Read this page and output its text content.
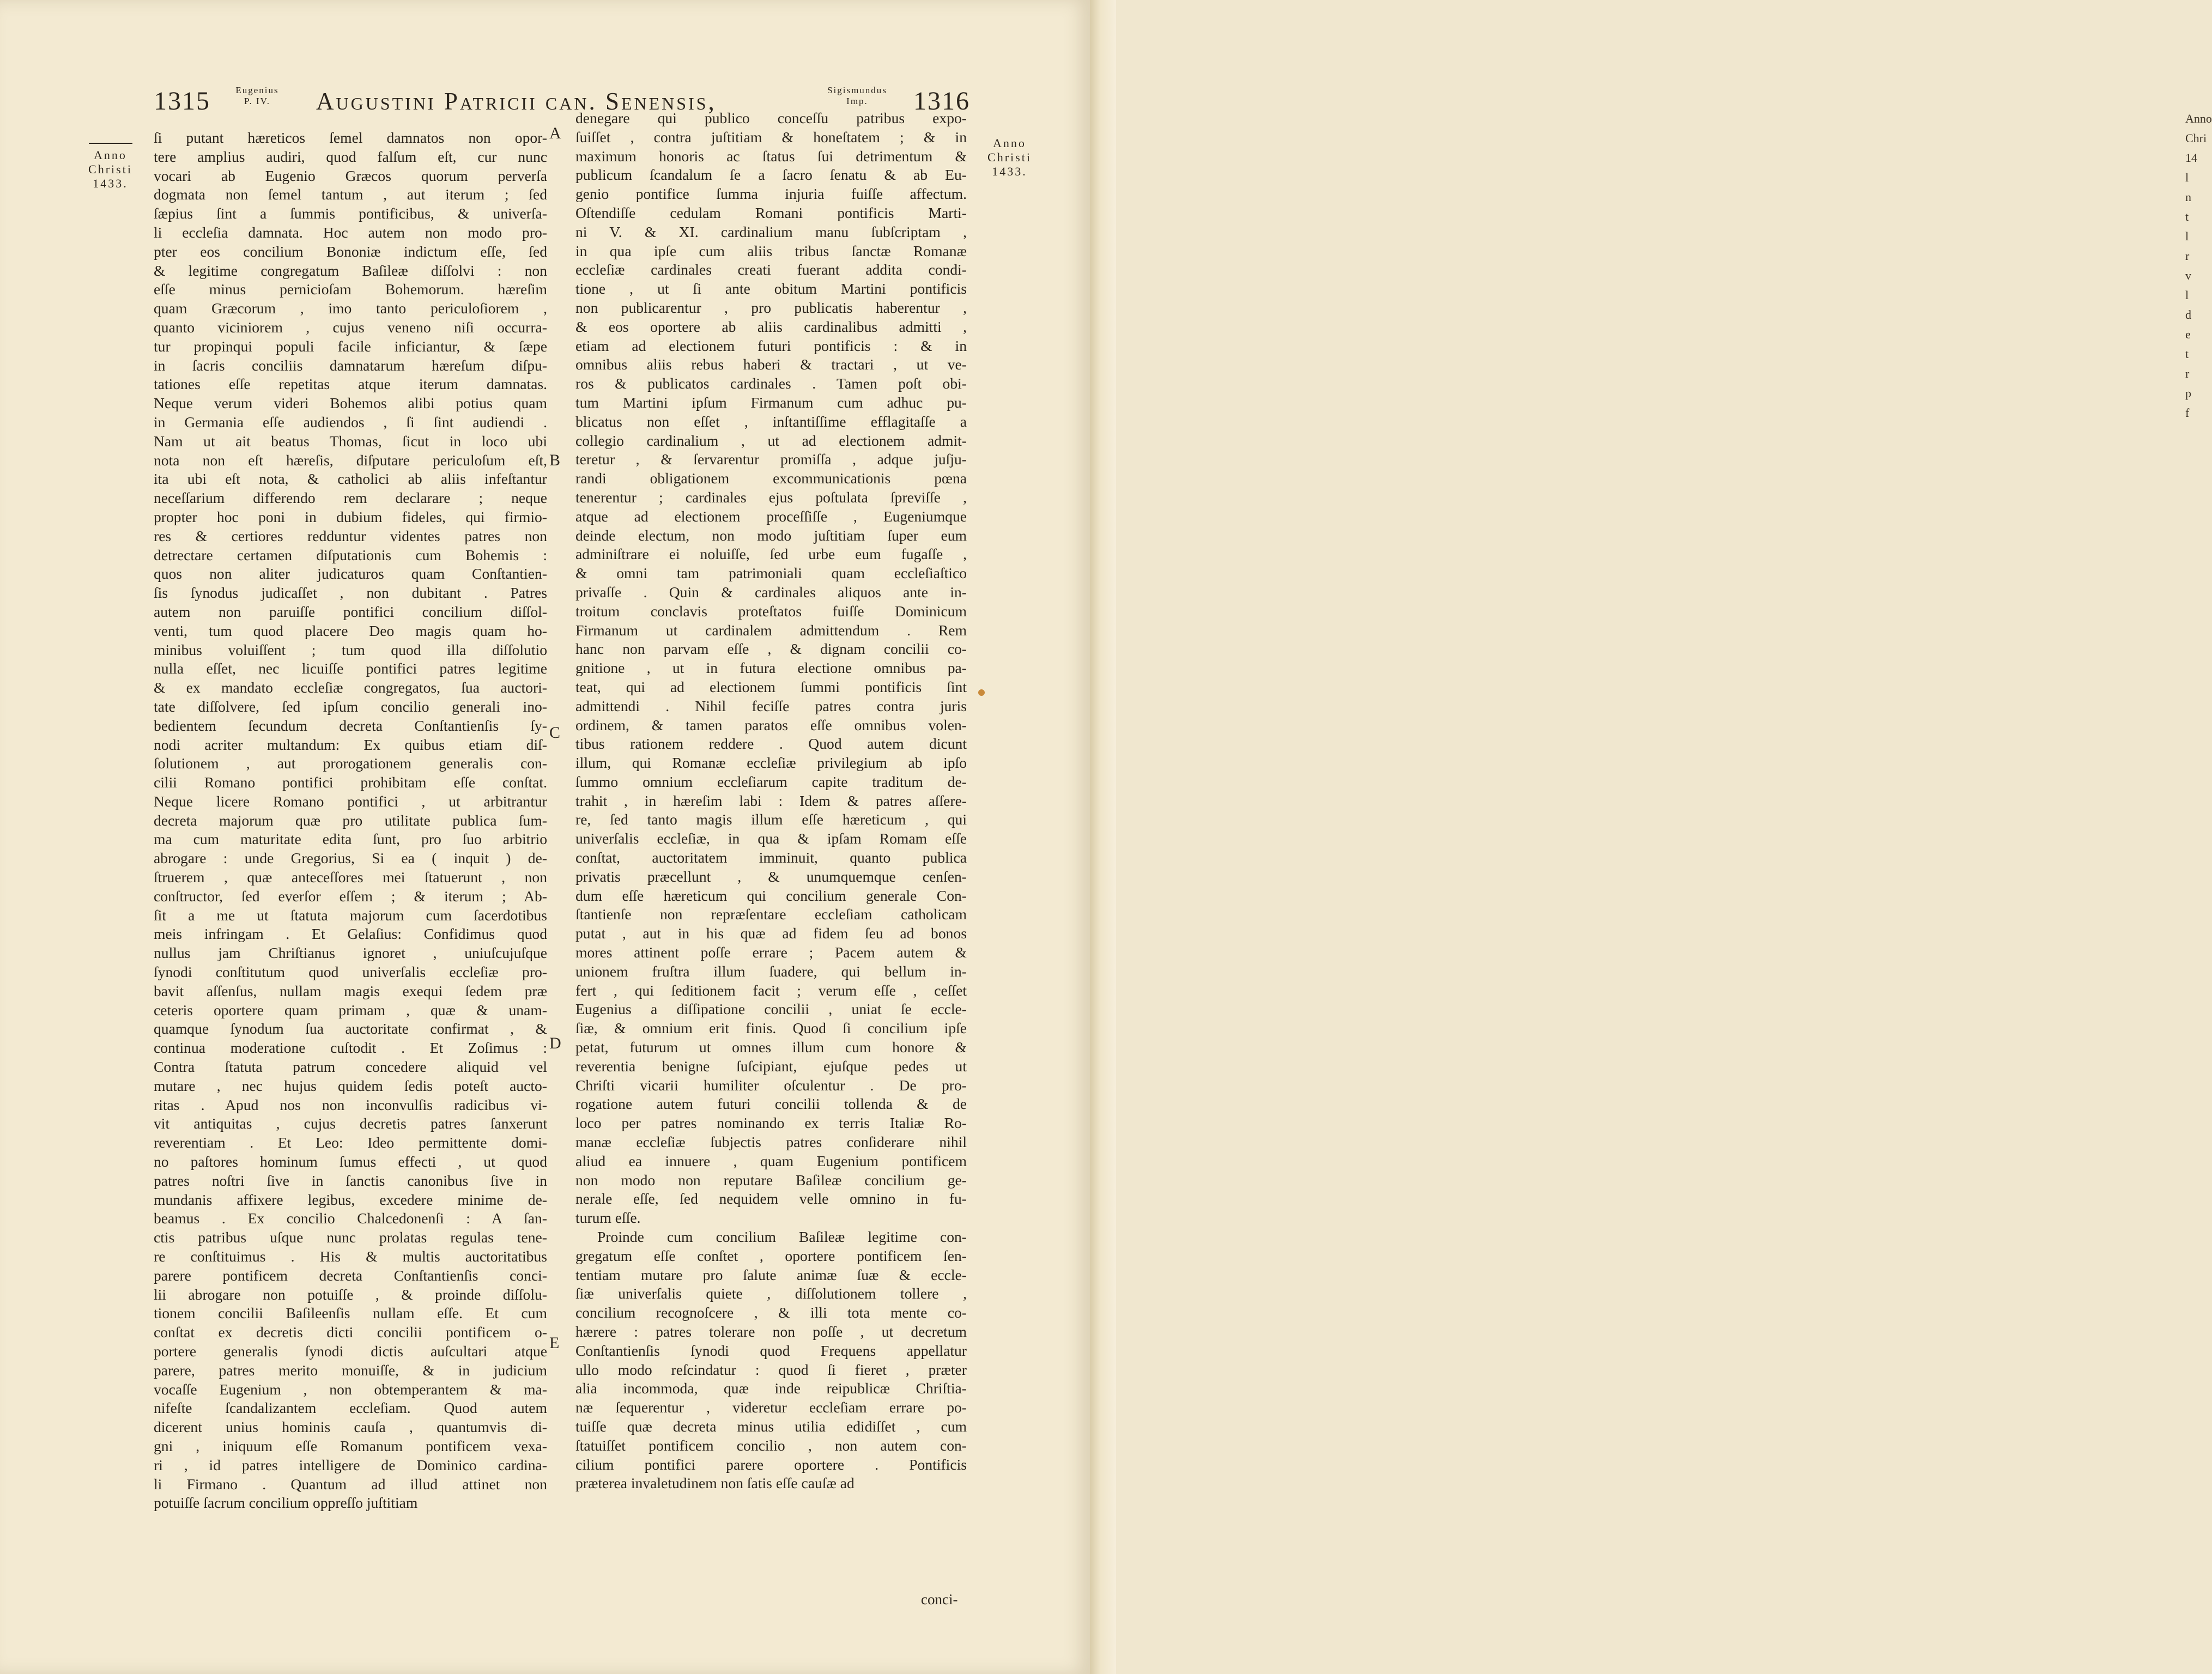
1315	Eugenius
P. IV.	Augustini Patricii can. Senensis,	Sigismundus
Imp.	1316
Anno
Christi
1433.
Anno
Christi
1433.
ſi putant hæreticos ſemel damnatos non opor-
tere amplius audiri, quod falſum eſt, cur nunc
vocari ab Eugenio Græcos quorum perverſa
dogmata non ſemel tantum , aut iterum ; ſed
ſæpius ſint a ſummis pontificibus, & univerſa-
li eccleſia damnata. Hoc autem non modo pro-
pter eos concilium Bononiæ indictum eſſe, ſed
& legitime congregatum Baſileæ diſſolvi : non
eſſe minus pernicioſam Bohemorum. hæreſim
quam Græcorum , imo tanto periculoſiorem ,
quanto viciniorem , cujus veneno niſi occurra-
tur propinqui populi facile inficiantur, & ſæpe
in ſacris conciliis damnatarum hæreſum diſpu-
tationes eſſe repetitas atque iterum damnatas.
Neque verum videri Bohemos alibi potius quam
in Germania eſſe audiendos , ſi ſint audiendi .
Nam ut ait beatus Thomas, ſicut in loco ubi
nota non eſt hæreſis, diſputare periculoſum eſt,
ita ubi eſt nota, & catholici ab aliis infeſtantur
neceſſarium differendo rem declarare ; neque
propter hoc poni in dubium fideles, qui firmio-
res & certiores redduntur videntes patres non
detrectare certamen diſputationis cum Bohemis :
quos non aliter judicaturos quam Conſtantien-
ſis ſynodus judicaſſet , non dubitant . Patres
autem non paruiſſe pontifici concilium diſſol-
venti, tum quod placere Deo magis quam ho-
minibus voluiſſent ; tum quod illa diſſolutio
nulla eſſet, nec licuiſſe pontifici patres legitime
& ex mandato eccleſiæ congregatos, ſua auctori-
tate diſſolvere, ſed ipſum concilio generali ino-
bedientem ſecundum decreta Conſtantienſis ſy-
nodi acriter multandum: Ex quibus etiam diſ-
ſolutionem , aut prorogationem generalis con-
cilii Romano pontifici prohibitam eſſe conſtat.
Neque licere Romano pontifici , ut arbitrantur
decreta majorum quæ pro utilitate publica ſum-
ma cum maturitate edita ſunt, pro ſuo arbitrio
abrogare : unde Gregorius, Si ea ( inquit ) de-
ſtruerem , quæ anteceſſores mei ſtatuerunt , non
conſtructor, ſed everſor eſſem ; & iterum ; Ab-
ſit a me ut ſtatuta majorum cum ſacerdotibus
meis infringam . Et Gelaſius: Confidimus quod
nullus jam Chriſtianus ignoret , uniuſcujuſque
ſynodi conſtitutum quod univerſalis eccleſiæ pro-
bavit aſſenſus, nullam magis exequi ſedem præ
ceteris oportere quam primam , quæ & unam-
quamque ſynodum ſua auctoritate confirmat , &
continua moderatione cuſtodit . Et Zoſimus :
Contra ſtatuta patrum concedere aliquid vel
mutare , nec hujus quidem ſedis poteſt aucto-
ritas . Apud nos non inconvulſis radicibus vi-
vit antiquitas , cujus decretis patres ſanxerunt
reverentiam . Et Leo: Ideo permittente domi-
no paſtores hominum ſumus effecti , ut quod
patres noſtri ſive in ſanctis canonibus ſive in
mundanis affixere legibus, excedere minime de-
beamus . Ex concilio Chalcedonenſi : A ſan-
ctis patribus uſque nunc prolatas regulas tene-
re conſtituimus . His & multis auctoritatibus
parere pontificem decreta Conſtantienſis conci-
lii abrogare non potuiſſe , & proinde diſſolu-
tionem concilii Baſileenſis nullam eſſe. Et cum
conſtat ex decretis dicti concilii pontificem o-
portere generalis ſynodi dictis auſcultari atque
parere, patres merito monuiſſe, & in judicium
vocaſſe Eugenium , non obtemperantem & ma-
nifeſte ſcandalizantem eccleſiam. Quod autem
dicerent unius hominis cauſa , quantumvis di-
gni , iniquum eſſe Romanum pontificem vexa-
ri , id patres intelligere de Dominico cardina-
li Firmano . Quantum ad illud attinet non
potuiſſe ſacrum concilium oppreſſo juſtitiam
A
B
C
D
E
denegare qui publico conceſſu patribus expo-
ſuiſſet , contra juſtitiam & honeſtatem ; & in
maximum honoris ac ſtatus ſui detrimentum &
publicum ſcandalum ſe a ſacro ſenatu & ab Eu-
genio pontifice ſumma injuria fuiſſe affectum.
Oſtendiſſe cedulam Romani pontificis Marti-
ni V. & XI. cardinalium manu ſubſcriptam ,
in qua ipſe cum aliis tribus ſanctæ Romanæ
eccleſiæ cardinales creati fuerant addita condi-
tione , ut ſi ante obitum Martini pontificis
non publicarentur , pro publicatis haberentur ,
& eos oportere ab aliis cardinalibus admitti ,
etiam ad electionem futuri pontificis : & in
omnibus aliis rebus haberi & tractari , ut ve-
ros & publicatos cardinales . Tamen poſt obi-
tum Martini ipſum Firmanum cum adhuc pu-
blicatus non eſſet , inſtantiſſime efflagitaſſe a
collegio cardinalium , ut ad electionem admit-
teretur , & ſervarentur promiſſa , adque juſju-
randi obligationem excommunicationis pœna
tenerentur ; cardinales ejus poſtulata ſpreviſſe ,
atque ad electionem proceſſiſſe , Eugeniumque
deinde electum, non modo juſtitiam ſuper eum
adminiſtrare ei noluiſſe, ſed urbe eum fugaſſe ,
& omni tam patrimoniali quam eccleſiaſtico
privaſſe . Quin & cardinales aliquos ante in-
troitum conclavis proteſtatos fuiſſe Dominicum
Firmanum ut cardinalem admittendum . Rem
hanc non parvam eſſe , & dignam concilii co-
gnitione , ut in futura electione omnibus pa-
teat, qui ad electionem ſummi pontificis ſint
admittendi . Nihil feciſſe patres contra juris
ordinem, & tamen paratos eſſe omnibus volen-
tibus rationem reddere . Quod autem dicunt
illum, qui Romanæ eccleſiæ privilegium ab ipſo
ſummo omnium eccleſiarum capite traditum de-
trahit , in hæreſim labi : Idem & patres aſſere-
re, ſed tanto magis illum eſſe hæreticum , qui
univerſalis eccleſiæ, in qua & ipſam Romam eſſe
conſtat, auctoritatem imminuit, quanto publica
privatis præcellunt , & unumquemque cenſen-
dum eſſe hæreticum qui concilium generale Con-
ſtantienſe non repræſentare eccleſiam catholicam
putat , aut in his quæ ad fidem ſeu ad bonos
mores attinent poſſe errare ; Pacem autem &
unionem fruſtra illum ſuadere, qui bellum in-
fert , qui ſeditionem facit ; verum eſſe , ceſſet
Eugenius a diſſipatione concilii , uniat ſe eccle-
ſiæ, & omnium erit finis. Quod ſi concilium ipſe
petat, futurum ut omnes illum cum honore &
reverentia benigne ſuſcipiant, ejuſque pedes ut
Chriſti vicarii humiliter oſculentur . De pro-
rogatione autem futuri concilii tollenda & de
loco per patres nominando ex terris Italiæ Ro-
manæ eccleſiæ ſubjectis patres conſiderare nihil
aliud ea innuere , quam Eugenium pontificem
non modo non reputare Baſileæ concilium ge-
nerale eſſe, ſed nequidem velle omnino in fu-
turum eſſe.
Proinde cum concilium Baſileæ legitime con-
gregatum eſſe conſtet , oportere pontificem ſen-
tentiam mutare pro ſalute animæ ſuæ & eccle-
ſiæ univerſalis quiete , diſſolutionem tollere ,
concilium recognoſcere , & illi tota mente co-
hærere : patres tolerare non poſſe , ut decretum
Conſtantienſis ſynodi quod Frequens appellatur
ullo modo reſcindatur : quod ſi fieret , præter
alia incommoda, quæ inde reipublicæ Chriſtia-
næ ſequerentur , videretur eccleſiam errare po-
tuiſſe quæ decreta minus utilia edidiſſet , cum
ſtatuiſſet pontificem concilio , non autem con-
cilium pontifici parere oportere . Pontificis
præterea invaletudinem non ſatis eſſe cauſæ ad
conci-
Anno
Chri
14
l
n
t
l
r
v
l
d
e
t
r
p
f
